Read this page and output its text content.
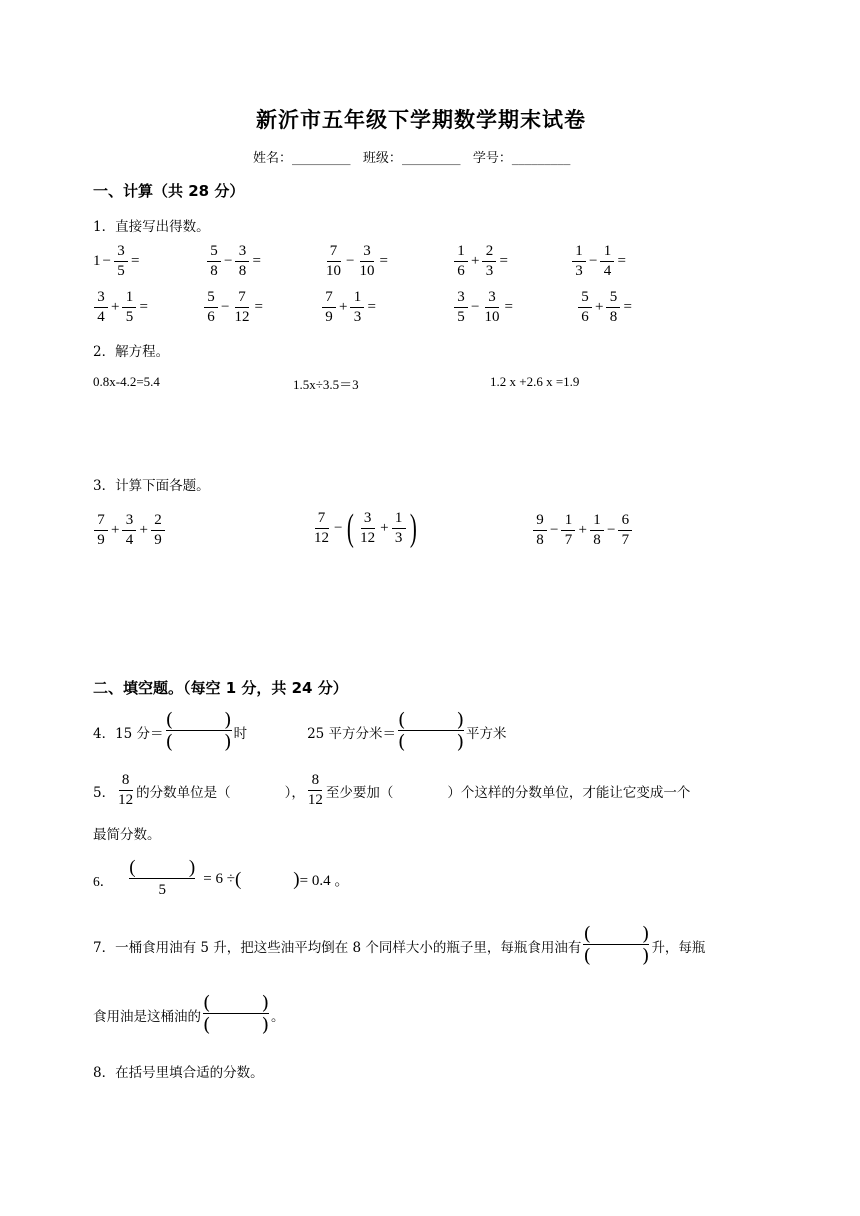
新沂市五年级下学期数学期末试卷
姓名：_________ 班级：_________ 学号：_________
一、计算（共 28 分）
1．直接写出得数。
$1 - \frac{3}{5}$ =	$\frac{5}{8} - \frac{3}{8}$ =	$\frac{7}{10} - \frac{3}{10}$ =	$\frac{1}{6} + \frac{2}{3}$ =	$\frac{1}{3} - \frac{1}{4}$ =
$\frac{3}{4} + \frac{1}{5}$ =	$\frac{5}{6} - \frac{7}{12}$ =	$\frac{7}{9} + \frac{1}{3}$ =	$\frac{3}{5} - \frac{3}{10}$ =	$\frac{5}{6} + \frac{5}{8}$ =
2．解方程。
0.8x-4.2=5.4	1.5x÷3.5＝3	1.2 x +2.6 x =1.9
3．计算下面各题。
$\frac{7}{9} + \frac{3}{4} + \frac{2}{9}$	$\frac{7}{12}$ − ( $\frac{3}{12} + \frac{1}{3}$ )	$\frac{9}{8} - \frac{1}{7} + \frac{1}{8} - \frac{6}{7}$
二、填空题。（每空 1 分，共 24 分）
4．15 分＝
(	)
(	) 时	25 平方分米＝
(	)
(	) 平方米
5． $\frac{8}{12}$ 的分数单位是（　　　　）， $\frac{8}{12}$ 至少要加（　　　　）个这样的分数单位，才能让它变成一个
最简分数。
6．
(	)
5
= 6 ÷ (	) = 0.4 。
7．一桶食用油有 5 升，把这些油平均倒在 8 个同样大小的瓶子里，每瓶食用油有
(	)
(	) 升，每瓶
食用油是这桶油的
(	)
(	) 。
8．在括号里填合适的分数。
